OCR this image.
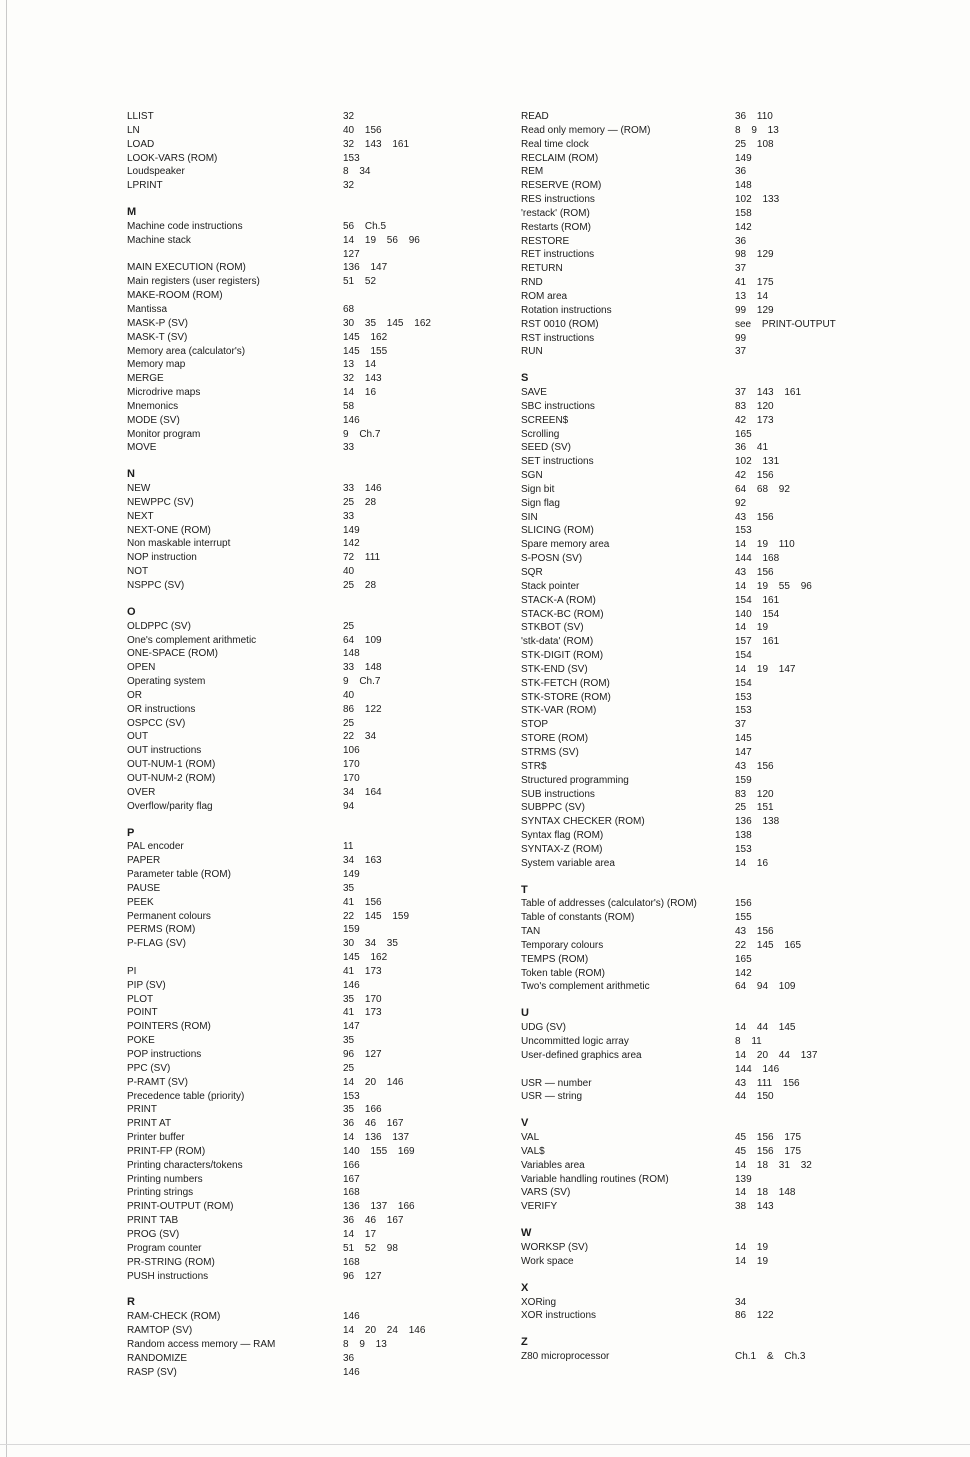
LLIST	32
LN	40 156
LOAD	32 143 161
LOOK-VARS (ROM)	153
Loudspeaker	8 34
LPRINT	32
M
Machine code instructions	56 Ch.5
Machine stack	14 19 56 96
127
MAIN EXECUTION (ROM)	136 147
Main registers (user registers)	51 52
MAKE-ROOM (ROM)
Mantissa	68
MASK-P (SV)	30 35 145 162
MASK-T (SV)	145 162
Memory area (calculator's)	145 155
Memory map	13 14
MERGE	32 143
Microdrive maps	14 16
Mnemonics	58
MODE (SV)	146
Monitor program	9 Ch.7
MOVE	33
N
NEW	33 146
NEWPPC (SV)	25 28
NEXT	33
NEXT-ONE (ROM)	149
Non maskable interrupt	142
NOP instruction	72 111
NOT	40
NSPPC (SV)	25 28
O
OLDPPC (SV)	25
One's complement arithmetic	64 109
ONE-SPACE (ROM)	148
OPEN	33 148
Operating system	9 Ch.7
OR	40
OR instructions	86 122
OSPCC (SV)	25
OUT	22 34
OUT instructions	106
OUT-NUM-1 (ROM)	170
OUT-NUM-2 (ROM)	170
OVER	34 164
Overflow/parity flag	94
P
PAL encoder	11
PAPER	34 163
Parameter table (ROM)	149
PAUSE	35
PEEK	41 156
Permanent colours	22 145 159
PERMS (ROM)	159
P-FLAG (SV)	30 34 35
145 162
PI	41 173
PIP (SV)	146
PLOT	35 170
POINT	41 173
POINTERS (ROM)	147
POKE	35
POP instructions	96 127
PPC (SV)	25
P-RAMT (SV)	14 20 146
Precedence table (priority)	153
PRINT	35 166
PRINT AT	36 46 167
Printer buffer	14 136 137
PRINT-FP (ROM)	140 155 169
Printing characters/tokens	166
Printing numbers	167
Printing strings	168
PRINT-OUTPUT (ROM)	136 137 166
PRINT TAB	36 46 167
PROG (SV)	14 17
Program counter	51 52 98
PR-STRING (ROM)	168
PUSH instructions	96 127
R
RAM-CHECK (ROM)	146
RAMTOP (SV)	14 20 24 146
Random access memory — RAM	8 9 13
RANDOMIZE	36
RASP (SV)	146
READ	36 110
Read only memory — (ROM)	8 9 13
Real time clock	25 108
RECLAIM (ROM)	149
REM	36
RESERVE (ROM)	148
RES instructions	102 133
'restack' (ROM)	158
Restarts (ROM)	142
RESTORE	36
RET instructions	98 129
RETURN	37
RND	41 175
ROM area	13 14
Rotation instructions	99 129
RST 0010 (ROM)	see PRINT-OUTPUT
RST instructions	99
RUN	37
S
SAVE	37 143 161
SBC instructions	83 120
SCREEN$	42 173
Scrolling	165
SEED (SV)	36 41
SET instructions	102 131
SGN	42 156
Sign bit	64 68 92
Sign flag	92
SIN	43 156
SLICING (ROM)	153
Spare memory area	14 19 110
S-POSN (SV)	144 168
SQR	43 156
Stack pointer	14 19 55 96
STACK-A (ROM)	154 161
STACK-BC (ROM)	140 154
STKBOT (SV)	14 19
'stk-data' (ROM)	157 161
STK-DIGIT (ROM)	154
STK-END (SV)	14 19 147
STK-FETCH (ROM)	154
STK-STORE (ROM)	153
STK-VAR (ROM)	153
STOP	37
STORE (ROM)	145
STRMS (SV)	147
STR$	43 156
Structured programming	159
SUB instructions	83 120
SUBPPC (SV)	25 151
SYNTAX CHECKER (ROM)	136 138
Syntax flag (ROM)	138
SYNTAX-Z (ROM)	153
System variable area	14 16
T
Table of addresses (calculator's) (ROM)	156
Table of constants (ROM)	155
TAN	43 156
Temporary colours	22 145 165
TEMPS (ROM)	165
Token table (ROM)	142
Two's complement arithmetic	64 94 109
U
UDG (SV)	14 44 145
Uncommitted logic array	8 11
User-defined graphics area	14 20 44 137
144 146
USR — number	43 111 156
USR — string	44 150
V
VAL	45 156 175
VAL$	45 156 175
Variables area	14 18 31 32
Variable handling routines (ROM)	139
VARS (SV)	14 18 148
VERIFY	38 143
W
WORKSP (SV)	14 19
Work space	14 19
X
XORing	34
XOR instructions	86 122
Z
Z80 microprocessor	Ch.1 & Ch.3
